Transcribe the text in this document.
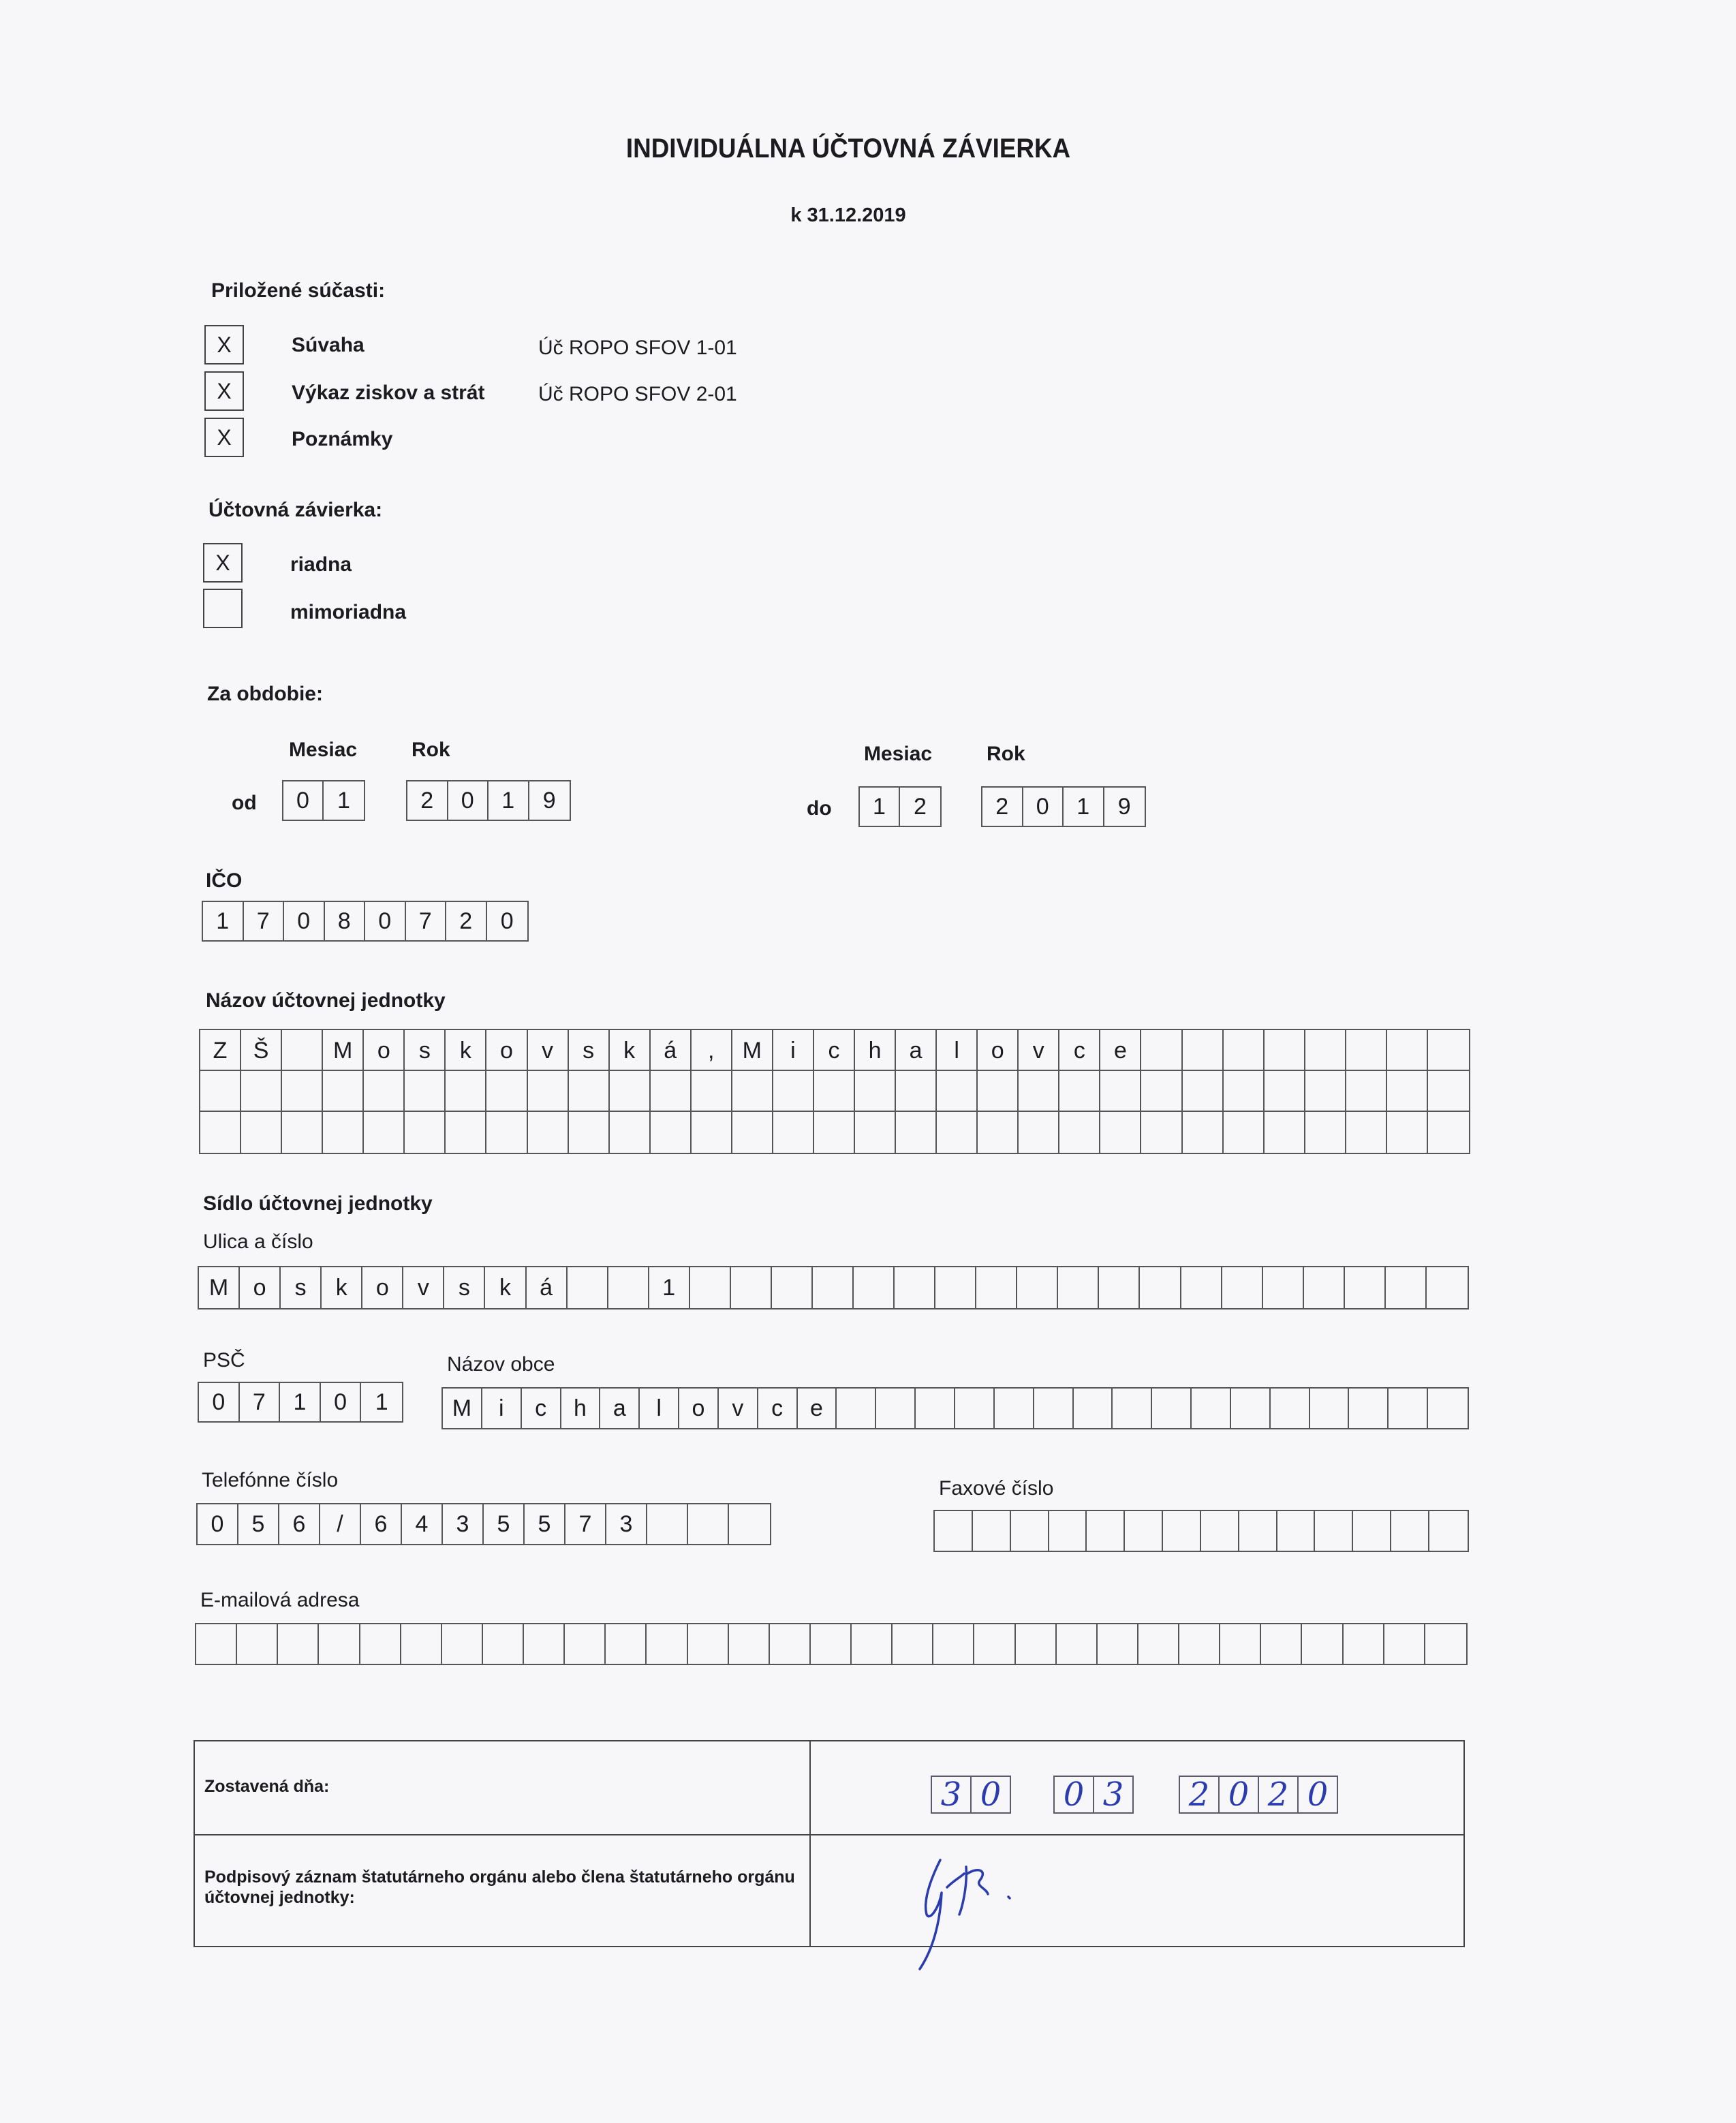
INDIVIDUÁLNA ÚČTOVNÁ ZÁVIERKA
k 31.12.2019
Priložené súčasti:
X	Súvaha	Úč ROPO SFOV 1-01
X	Výkaz ziskov a strát	Úč ROPO SFOV 2-01
X	Poznámky
Účtovná závierka:
X	riadna
mimoriadna
Za obdobie:
Mesiac	Rok
od	0	1	2	0	1	9
Mesiac	Rok
do	1	2	2	0	1	9
IČO
1	7	0	8	0	7	2	0
Názov účtovnej jednotky
Z	Š	M	o	s	k	o	v	s	k	á	,	M	i	c	h	a	l	o	v	c	e
Sídlo účtovnej jednotky
Ulica a číslo
M	o	s	k	o	v	s	k	á	1
PSČ
0	7	1	0	1
Názov obce
M	i	c	h	a	l	o	v	c	e
Telefónne číslo
0	5	6	/	6	4	3	5	5	7	3
Faxové číslo
E-mailová adresa
Zostavená dňa:
Podpisový záznam štatutárneho orgánu alebo člena štatutárneho orgánu účtovnej jednotky:
3 0	0 3	2 0 2 0
